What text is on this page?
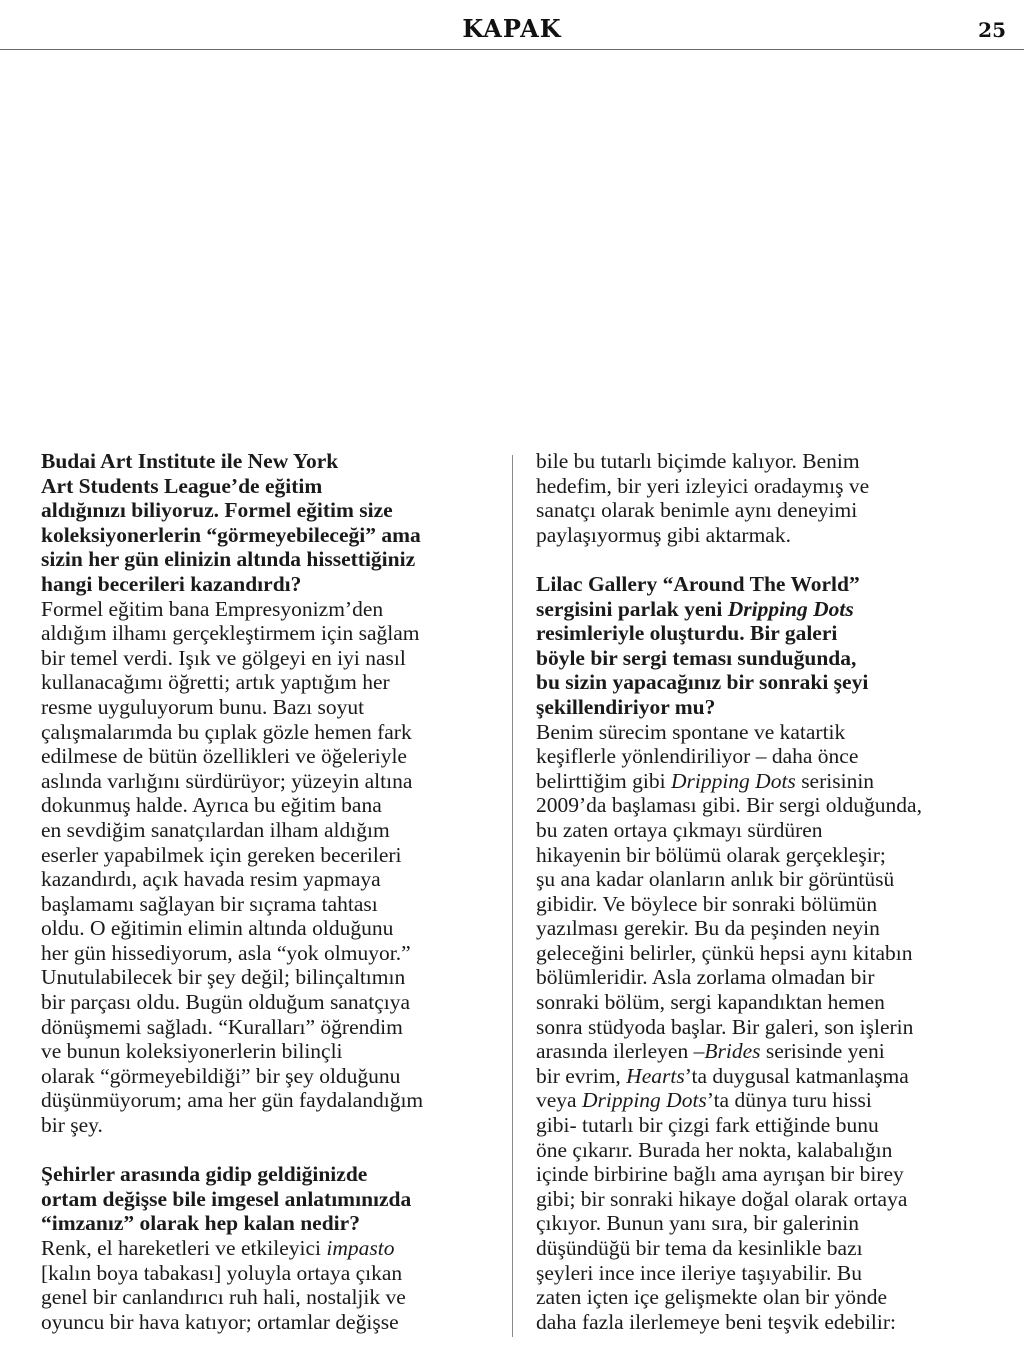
KAPAK	25
Budai Art Institute ile New York
Art Students League’de eğitim
aldığınızı biliyoruz. Formel eğitim size
koleksiyonerlerin “görmeyebileceği” ama
sizin her gün elinizin altında hissettiğiniz
hangi becerileri kazandırdı?
Formel eğitim bana Empresyonizm’den
aldığım ilhamı gerçekleştirmem için sağlam
bir temel verdi. Işık ve gölgeyi en iyi nasıl
kullanacağımı öğretti; artık yaptığım her
resme uyguluyorum bunu. Bazı soyut
çalışmalarımda bu çıplak gözle hemen fark
edilmese de bütün özellikleri ve öğeleriyle
aslında varlığını sürdürüyor; yüzeyin altına
dokunmuş halde. Ayrıca bu eğitim bana
en sevdiğim sanatçılardan ilham aldığım
eserler yapabilmek için gereken becerileri
kazandırdı, açık havada resim yapmaya
başlamamı sağlayan bir sıçrama tahtası
oldu. O eğitimin elimin altında olduğunu
her gün hissediyorum, asla “yok olmuyor.”
Unutulabilecek bir şey değil; bilinçaltımın
bir parçası oldu. Bugün olduğum sanatçıya
dönüşmemi sağladı. “Kuralları” öğrendim
ve bunun koleksiyonerlerin bilinçli
olarak “görmeyebildiği” bir şey olduğunu
düşünmüyorum; ama her gün faydalandığım
bir şey.
Şehirler arasında gidip geldiğinizde
ortam değişse bile imgesel anlatımınızda
“imzanız” olarak hep kalan nedir?
Renk, el hareketleri ve etkileyici impasto
[kalın boya tabakası] yoluyla ortaya çıkan
genel bir canlandırıcı ruh hali, nostaljik ve
oyuncu bir hava katıyor; ortamlar değişse
bile bu tutarlı biçimde kalıyor. Benim
hedefim, bir yeri izleyici oradaymış ve
sanatçı olarak benimle aynı deneyimi
paylaşıyormuş gibi aktarmak.
Lilac Gallery “Around The World”
sergisini parlak yeni Dripping Dots
resimleriyle oluşturdu. Bir galeri
böyle bir sergi teması sunduğunda,
bu sizin yapacağınız bir sonraki şeyi
şekillendiriyor mu?
Benim sürecim spontane ve katartik
keşiflerle yönlendiriliyor – daha önce
belirttiğim gibi Dripping Dots serisinin
2009’da başlaması gibi. Bir sergi olduğunda,
bu zaten ortaya çıkmayı sürdüren
hikayenin bir bölümü olarak gerçekleşir;
şu ana kadar olanların anlık bir görüntüsü
gibidir. Ve böylece bir sonraki bölümün
yazılması gerekir. Bu da peşinden neyin
geleceğini belirler, çünkü hepsi aynı kitabın
bölümleridir. Asla zorlama olmadan bir
sonraki bölüm, sergi kapandıktan hemen
sonra stüdyoda başlar. Bir galeri, son işlerin
arasında ilerleyen –Brides serisinde yeni
bir evrim, Hearts’ta duygusal katmanlaşma
veya Dripping Dots’ta dünya turu hissi
gibi- tutarlı bir çizgi fark ettiğinde bunu
öne çıkarır. Burada her nokta, kalabalığın
içinde birbirine bağlı ama ayrışan bir birey
gibi; bir sonraki hikaye doğal olarak ortaya
çıkıyor. Bunun yanı sıra, bir galerinin
düşündüğü bir tema da kesinlikle bazı
şeyleri ince ince ileriye taşıyabilir. Bu
zaten içten içe gelişmekte olan bir yönde
daha fazla ilerlemeye beni teşvik edebilir:
